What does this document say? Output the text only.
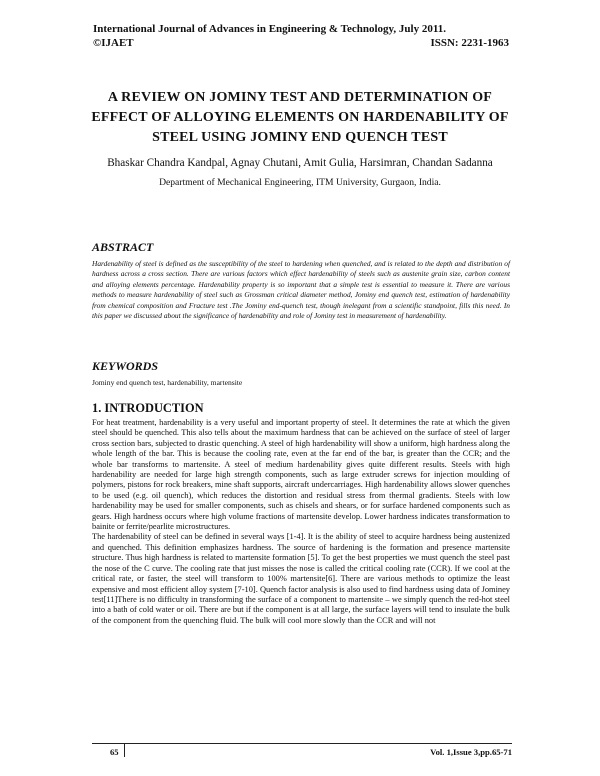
International Journal of Advances in Engineering & Technology, July 2011.
©IJAET	ISSN: 2231-1963
A REVIEW ON JOMINY TEST AND DETERMINATION OF EFFECT OF ALLOYING ELEMENTS ON HARDENABILITY OF STEEL USING JOMINY END QUENCH TEST
Bhaskar Chandra Kandpal, Agnay Chutani, Amit Gulia, Harsimran, Chandan Sadanna
Department of Mechanical Engineering, ITM University, Gurgaon, India.
ABSTRACT
Hardenability of steel is defined as the susceptibility of the steel to hardening when quenched, and is related to the depth and distribution of hardness across a cross section. There are various factors which effect hardenability of steels such as austenite grain size, carbon content and alloying elements percentage. Hardenability property is so important that a simple test is essential to measure it. There are various methods to measure hardenability of steel such as Grossman critical diameter method, Jominy end quench test, estimation of hardenability from chemical composition and Fracture test .The Jominy end-quench test, though inelegant from a scientific standpoint, fills this need. In this paper we discussed about the significance of hardenability and role of Jominy test in measurement of hardenability.
KEYWORDS
Jominy end quench test, hardenability, martensite
1. INTRODUCTION

For heat treatment, hardenability is a very useful and important property of steel. It determines the rate at which the given steel should be quenched. This also tells about the maximum hardness that can be achieved on the surface of steel of larger cross section bars, subjected to drastic quenching. A steel of high hardenability will show a uniform, high hardness along the whole length of the bar. This is because the cooling rate, even at the far end of the bar, is greater than the CCR; and the whole bar transforms to martensite. A steel of medium hardenability gives quite different results. Steels with high hardenability are needed for large high strength components, such as large extruder screws for injection moulding of polymers, pistons for rock breakers, mine shaft supports, aircraft undercarriages. High hardenability allows slower quenches to be used (e.g. oil quench), which reduces the distortion and residual stress from thermal gradients. Steels with low hardenability may be used for smaller components, such as chisels and shears, or for surface hardened components such as gears. High hardness occurs where high volume fractions of martensite develop. Lower hardness indicates transformation to bainite or ferrite/pearlite microstructures.

The hardenability of steel can be defined in several ways [1-4]. It is the ability of steel to acquire hardness being austenized and quenched. This definition emphasizes hardness. The source of hardening is the formation and presence martensite structure. Thus high hardness is related to martensite formation [5]. To get the best properties we must quench the steel past the nose of the C curve. The cooling rate that just misses the nose is called the critical cooling rate (CCR). If we cool at the critical rate, or faster, the steel will transform to 100% martensite[6]. There are various methods to optimize the least expensive and most efficient alloy system [7-10]. Quench factor analysis is also used to find hardness using data of Jominey test[11]There is no difficulty in transforming the surface of a component to martensite – we simply quench the red-hot steel into a bath of cold water or oil. There are but if the component is at all large, the surface layers will tend to insulate the bulk of the component from the quenching fluid. The bulk will cool more slowly than the CCR and will not

65	Vol. 1,Issue 3,pp.65-71
